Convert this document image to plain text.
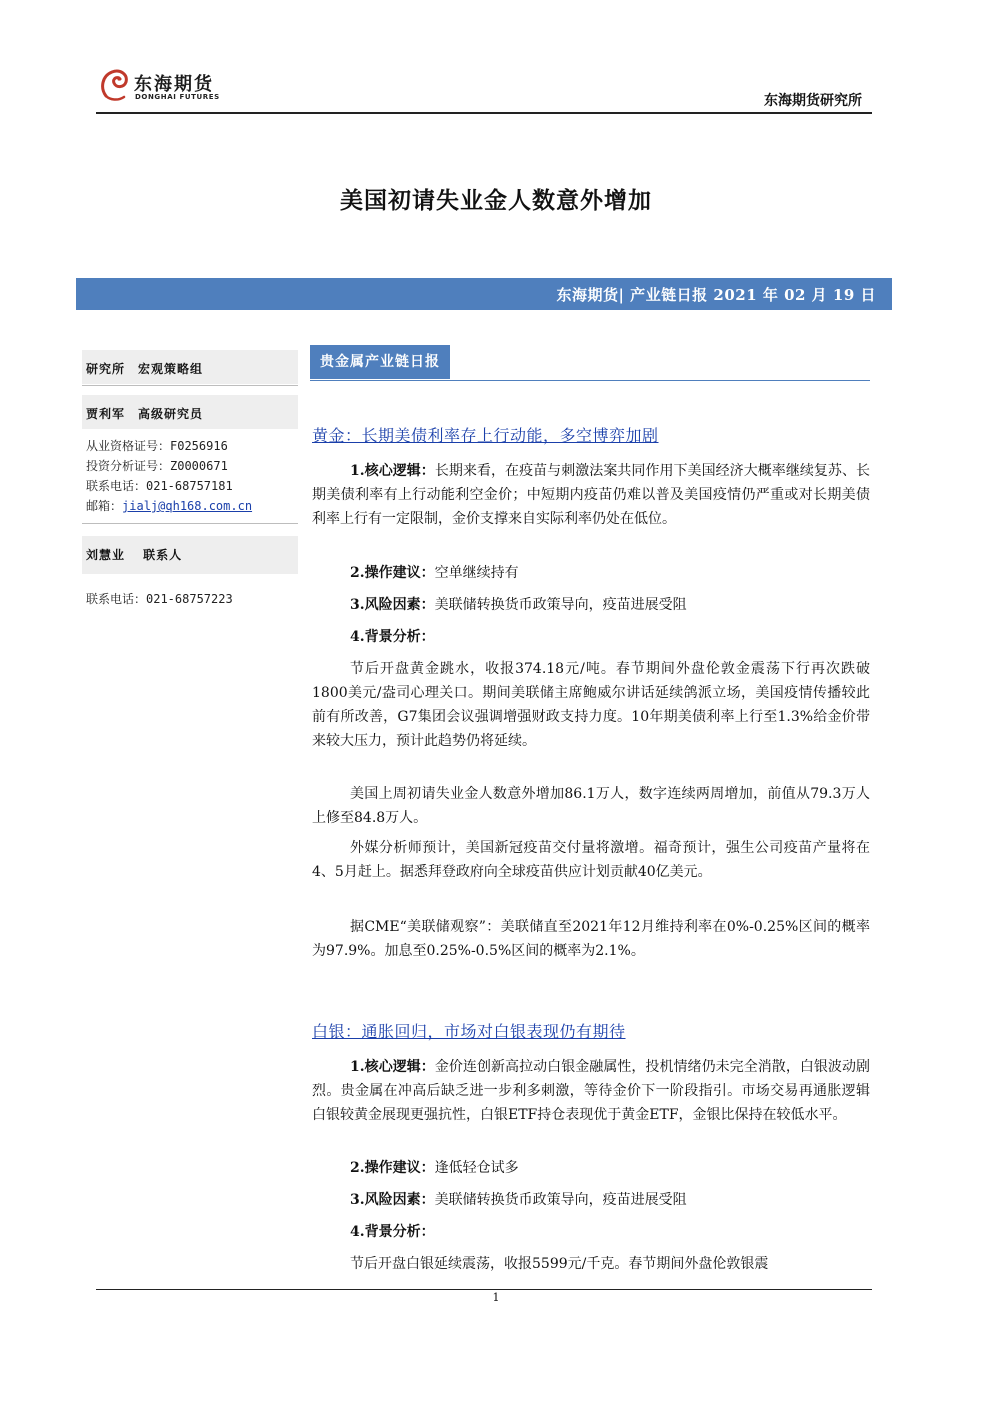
东海期货
DONGHAI FUTURES	东海期货研究所
美国初请失业金人数意外增加
东海期货| 产业链日报 2021 年 02 月 19 日
研究所　宏观策略组
贾利军　高级研究员
从业资格证号：F0256916
投资分析证号：Z0000671
联系电话：021-68757181
邮箱：jialj@qh168.com.cn
刘慧业　 联系人
联系电话：021-68757223
贵金属产业链日报
黄金：长期美债利率存上行动能，多空博弈加剧
1.核心逻辑：长期来看，在疫苗与刺激法案共同作用下美国经济大概率继续复苏、长期美债利率有上行动能利空金价；中短期内疫苗仍难以普及美国疫情仍严重或对长期美债利率上行有一定限制，金价支撑来自实际利率仍处在低位。
2.操作建议：空单继续持有
3.风险因素：美联储转换货币政策导向，疫苗进展受阻
4.背景分析：
节后开盘黄金跳水，收报374.18元/吨。春节期间外盘伦敦金震荡下行再次跌破1800美元/盎司心理关口。期间美联储主席鲍威尔讲话延续鸽派立场，美国疫情传播较此前有所改善，G7集团会议强调增强财政支持力度。10年期美债利率上行至1.3%给金价带来较大压力，预计此趋势仍将延续。
美国上周初请失业金人数意外增加86.1万人，数字连续两周增加，前值从79.3万人上修至84.8万人。
外媒分析师预计，美国新冠疫苗交付量将激增。福奇预计，强生公司疫苗产量将在4、5月赶上。据悉拜登政府向全球疫苗供应计划贡献40亿美元。
据CME“美联储观察”：美联储直至2021年12月维持利率在0%-0.25%区间的概率为97.9%。加息至0.25%-0.5%区间的概率为2.1%。
白银：通胀回归，市场对白银表现仍有期待
1.核心逻辑：金价连创新高拉动白银金融属性，投机情绪仍未完全消散，白银波动剧烈。贵金属在冲高后缺乏进一步利多刺激，等待金价下一阶段指引。市场交易再通胀逻辑白银较黄金展现更强抗性，白银ETF持仓表现优于黄金ETF，金银比保持在较低水平。
2.操作建议：逢低轻仓试多
3.风险因素：美联储转换货币政策导向，疫苗进展受阻
4.背景分析：
节后开盘白银延续震荡，收报5599元/千克。春节期间外盘伦敦银震
1
